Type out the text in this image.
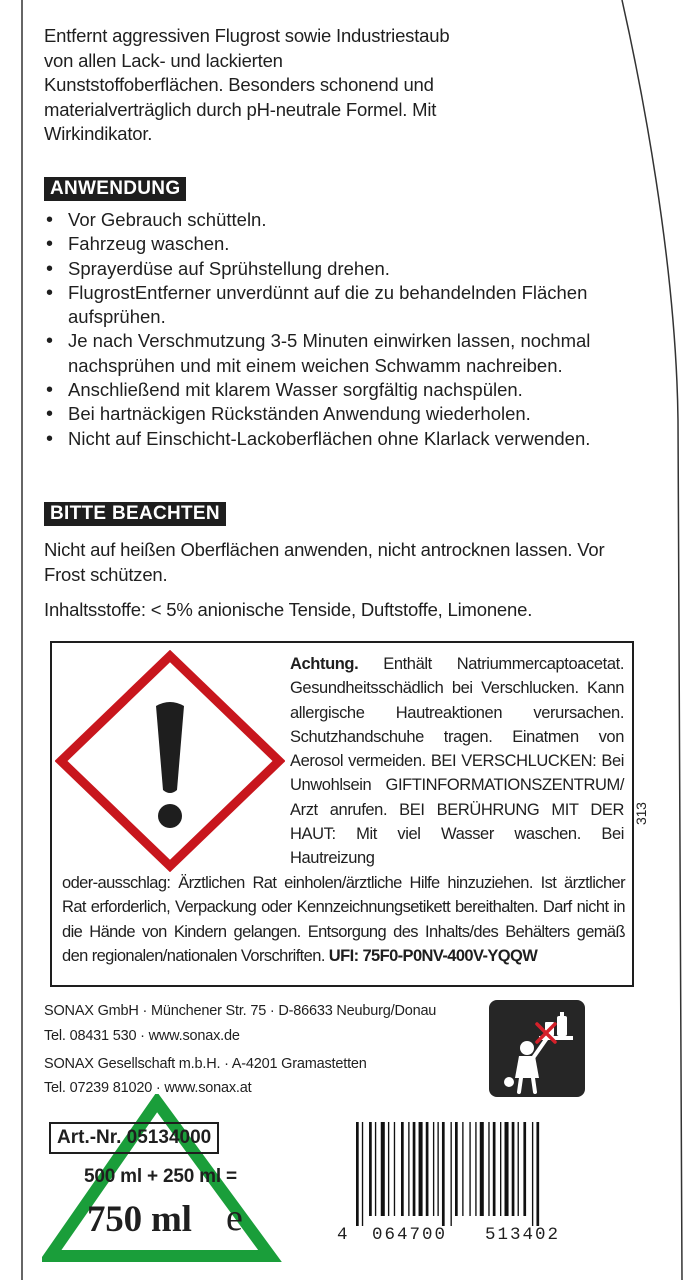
Entfernt aggressiven Flugrost sowie Industriestaub von allen Lack- und lackierten Kunststoffoberflächen. Besonders schonend und materialverträglich durch pH-neutrale Formel. Mit Wirkindikator.
ANWENDUNG
• Vor Gebrauch schütteln.
• Fahrzeug waschen.
• Sprayerdüse auf Sprühstellung drehen.
• FlugrostEntferner unverdünnt auf die zu behandelnden Flächen aufsprühen.
• Je nach Verschmutzung 3-5 Minuten einwirken lassen, nochmal nachsprühen und mit einem weichen Schwamm nachreiben.
• Anschließend mit klarem Wasser sorgfältig nachspülen.
• Bei hartnäckigen Rückständen Anwendung wiederholen.
• Nicht auf Einschicht-Lackoberflächen ohne Klarlack verwenden.
BITTE BEACHTEN
Nicht auf heißen Oberflächen anwenden, nicht antrocknen lassen. Vor Frost schützen.
Inhaltsstoffe: < 5% anionische Tenside, Duftstoffe, Limonene.
Achtung. Enthält Natriummercaptoacetat. Gesundheitsschädlich bei Verschlucken. Kann allergische Hautreaktionen verursachen. Schutzhandschuhe tragen. Einatmen von Aerosol vermeiden. BEI VERSCHLUCKEN: Bei Unwohlsein GIFTINFORMATIONSZENTRUM/ Arzt anrufen. BEI BERÜHRUNG MIT DER HAUT: Mit viel Wasser waschen. Bei Hautreizung
oder-ausschlag: Ärztlichen Rat einholen/ärztliche Hilfe hinzuziehen. Ist ärztlicher Rat erforderlich, Verpackung oder Kennzeichnungsetikett bereithalten. Darf nicht in die Hände von Kindern gelangen. Entsorgung des Inhalts/des Behälters gemäß den regionalen/nationalen Vorschriften. UFI: 75F0-P0NV-400V-YQQW
SONAX GmbH · Münchener Str. 75 · D-86633 Neuburg/Donau
Tel. 08431 530 · www.sonax.de
SONAX Gesellschaft m.b.H. · A-4201 Gramastetten
Tel. 07239 81020 · www.sonax.at
Art.-Nr. 05134000
500 ml + 250 ml =
750 ml e	4 064700 513402
313
